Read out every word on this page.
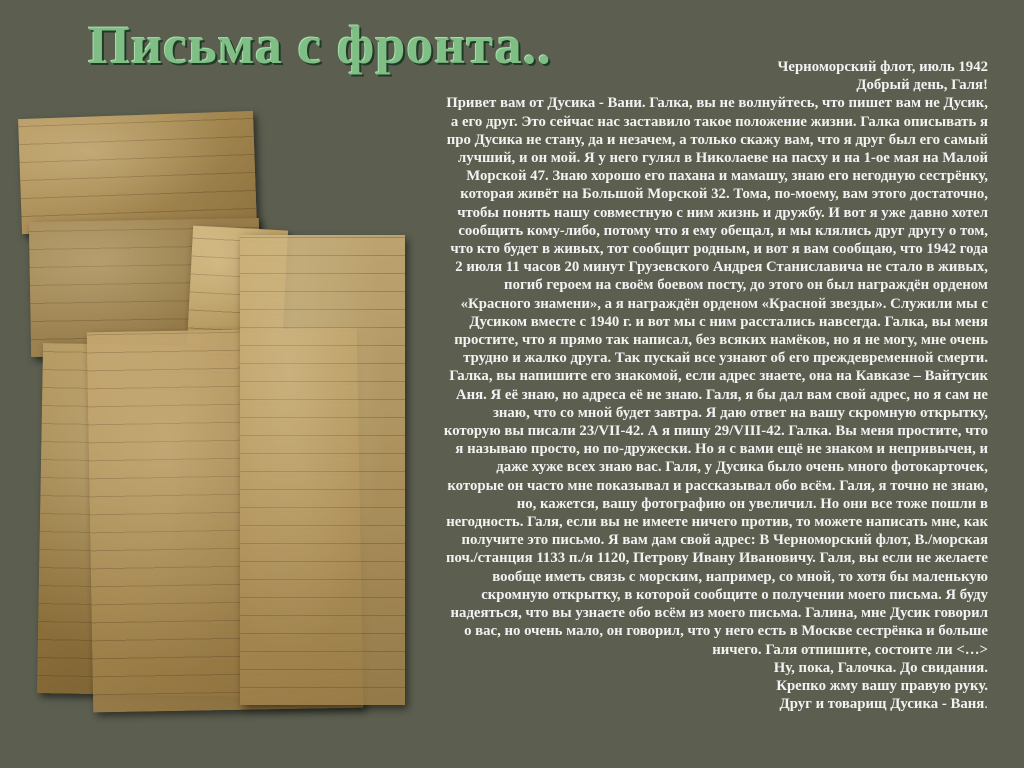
Письма с фронта..	Черноморский флот, июль 1942
Добрый день, Галя!
Привет вам от Дусика - Вани. Галка, вы не волнуйтесь, что пишет вам не Дусик,
а его друг. Это сейчас нас заставило такое положение жизни. Галка описывать я
про Дусика не стану, да и незачем, а только скажу вам, что я друг был его самый
лучший, и он мой. Я у него гулял в Николаеве на пасху и на 1-ое мая на Малой
Морской 47. Знаю хорошо его пахана и мамашу, знаю его негодную сестрёнку,
которая живёт на Большой Морской 32. Тома, по-моему, вам этого достаточно,
чтобы понять нашу совместную с ним жизнь и дружбу. И вот я уже давно хотел
сообщить кому-либо, потому что я ему обещал, и мы клялись друг другу о том,
что кто будет в живых, тот сообщит родным, и вот я вам сообщаю, что 1942 года
2 июля 11 часов 20 минут Грузевского Андрея Станиславича не стало в живых,
погиб героем на своём боевом посту, до этого он был награждён орденом
«Красного знамени», а я награждён орденом «Красной звезды». Служили мы с
Дусиком вместе с 1940 г. и вот мы с ним расстались навсегда. Галка, вы меня
простите, что я прямо так написал, без всяких намёков, но я не могу, мне очень
трудно и жалко друга. Так пускай все узнают об его преждевременной смерти.
Галка, вы напишите его знакомой, если адрес знаете, она на Кавказе – Вайтусик
Аня. Я её знаю, но адреса её не знаю. Галя, я бы дал вам свой адрес, но я сам не
знаю, что со мной будет завтра. Я даю ответ на вашу скромную открытку,
которую вы писали 23/VII-42. А я пишу 29/VIII-42. Галка. Вы меня простите, что
я называю просто, но по-дружески. Но я с вами ещё не знаком и непривычен, и
даже хуже всех знаю вас. Галя, у Дусика было очень много фотокарточек,
которые он часто мне показывал и рассказывал обо всём. Галя, я точно не знаю,
но, кажется, вашу фотографию он увеличил. Но они все тоже пошли в
негодность. Галя, если вы не имеете ничего против, то можете написать мне, как
получите это письмо. Я вам дам свой адрес: В Черноморский флот, В./морская
поч./станция 1133 п./я 1120, Петрову Ивану Ивановичу. Галя, вы если не желаете
вообще иметь связь с морским, например, со мной, то хотя бы маленькую
скромную открытку, в которой сообщите о получении моего письма. Я буду
надеяться, что вы узнаете обо всём из моего письма. Галина, мне Дусик говорил
о вас, но очень мало, он говорил, что у него есть в Москве сестрёнка и больше
ничего. Галя отпишите, состоите ли <…>
Ну, пока, Галочка. До свидания.
Крепко жму вашу правую руку.
Друг и товарищ Дусика - Ваня.
